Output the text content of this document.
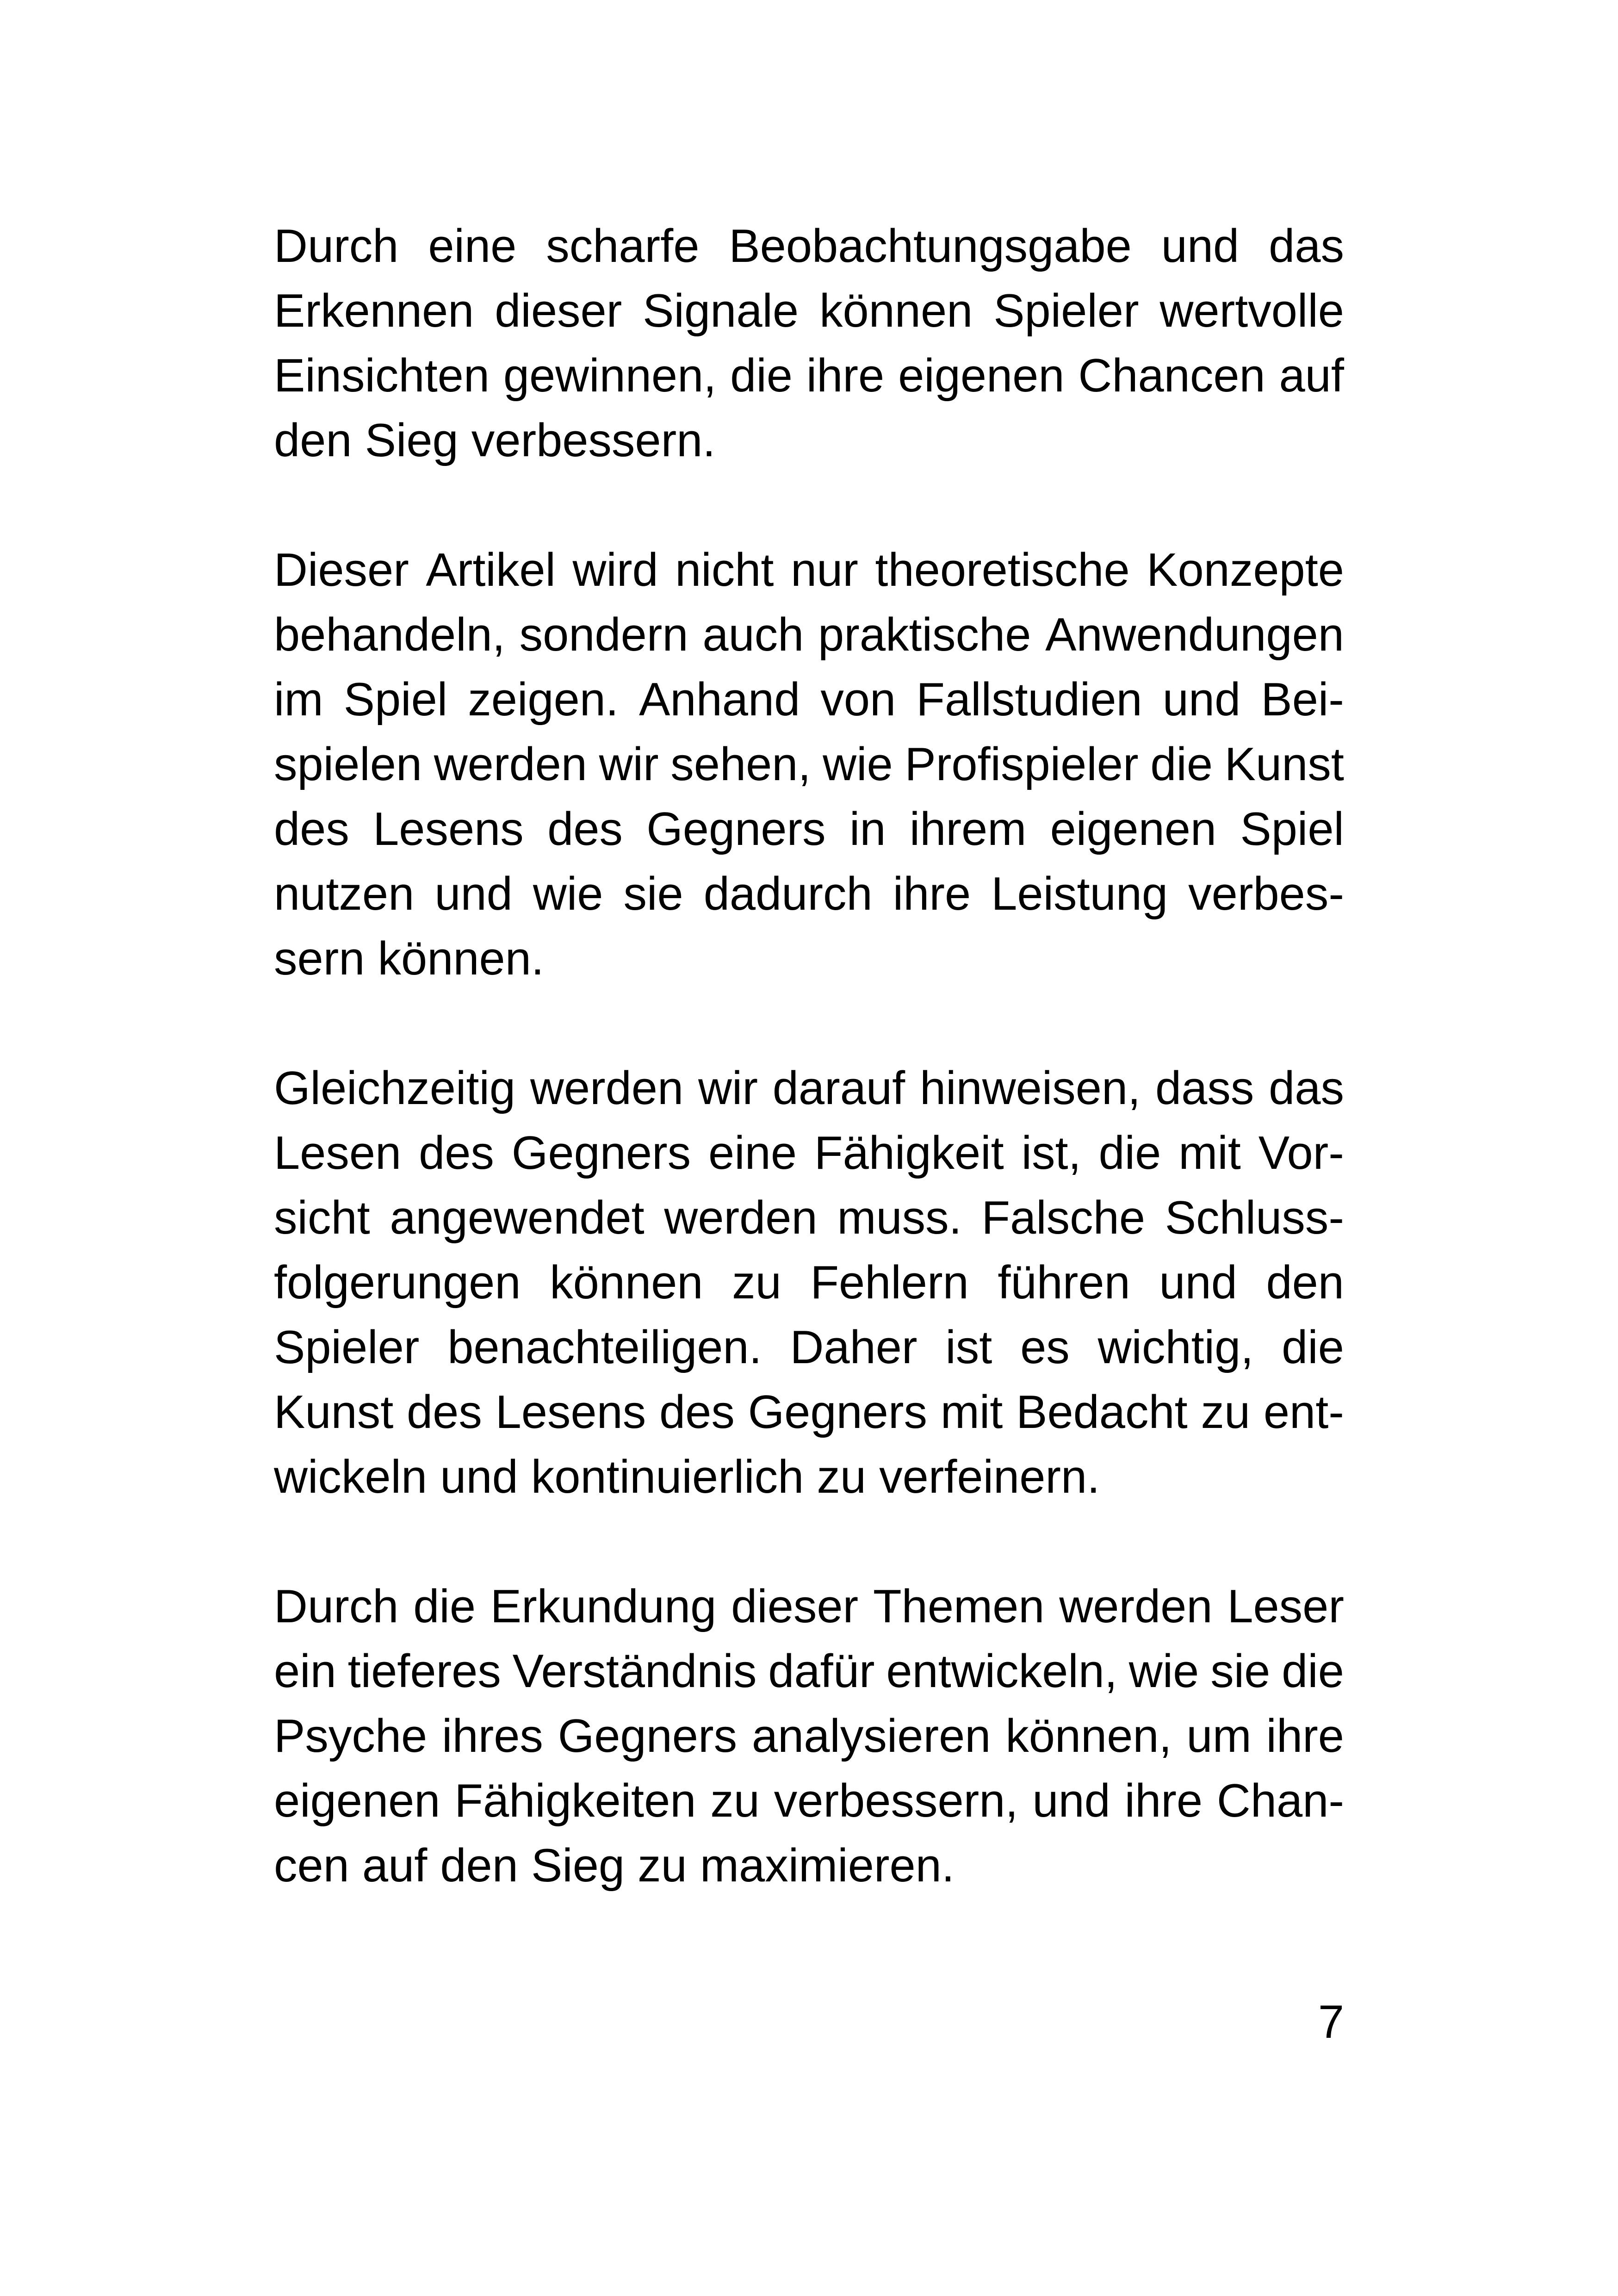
Durch eine scharfe Beobachtungsgabe und das
Erkennen dieser Signale können Spieler wertvolle
Einsichten gewinnen, die ihre eigenen Chancen auf
den Sieg verbessern.
Dieser Artikel wird nicht nur theoretische Konzepte
behandeln, sondern auch praktische Anwendungen
im Spiel zeigen. Anhand von Fallstudien und Bei-
spielen werden wir sehen, wie Profispieler die Kunst
des Lesens des Gegners in ihrem eigenen Spiel
nutzen und wie sie dadurch ihre Leistung verbes-
sern können.
Gleichzeitig werden wir darauf hinweisen, dass das
Lesen des Gegners eine Fähigkeit ist, die mit Vor-
sicht angewendet werden muss. Falsche Schluss-
folgerungen können zu Fehlern führen und den
Spieler benachteiligen. Daher ist es wichtig, die
Kunst des Lesens des Gegners mit Bedacht zu ent-
wickeln und kontinuierlich zu verfeinern.
Durch die Erkundung dieser Themen werden Leser
ein tieferes Verständnis dafür entwickeln, wie sie die
Psyche ihres Gegners analysieren können, um ihre
eigenen Fähigkeiten zu verbessern, und ihre Chan-
cen auf den Sieg zu maximieren.
7
